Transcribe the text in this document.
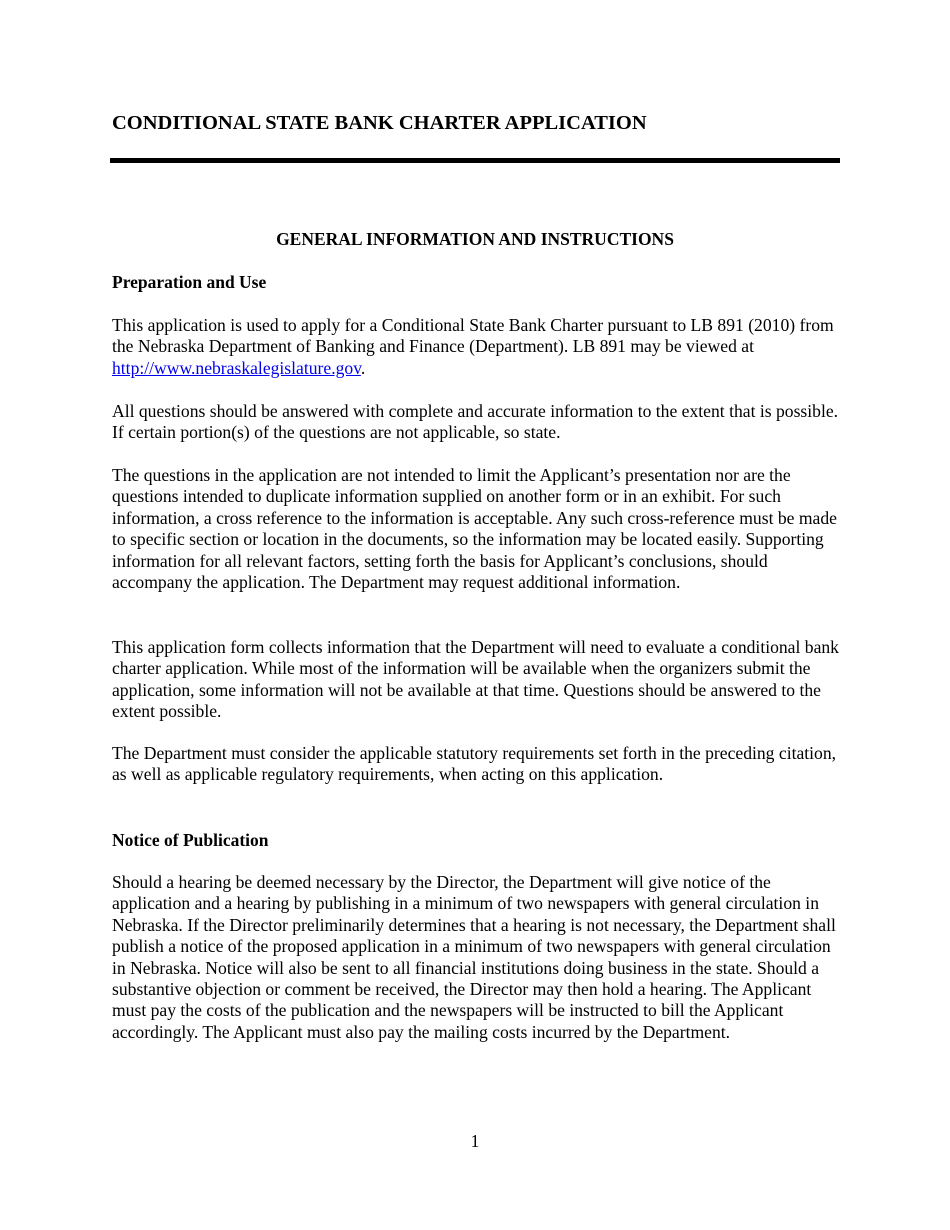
CONDITIONAL STATE BANK CHARTER APPLICATION
GENERAL INFORMATION AND INSTRUCTIONS
Preparation and Use

This application is used to apply for a Conditional State Bank Charter pursuant to LB 891 (2010) from the Nebraska Department of Banking and Finance (Department). LB 891 may be viewed at http://www.nebraskalegislature.gov.

All questions should be answered with complete and accurate information to the extent that is possible. If certain portion(s) of the questions are not applicable, so state.

The questions in the application are not intended to limit the Applicant’s presentation nor are the questions intended to duplicate information supplied on another form or in an exhibit. For such information, a cross reference to the information is acceptable. Any such cross-reference must be made to specific section or location in the documents, so the information may be located easily. Supporting information for all relevant factors, setting forth the basis for Applicant’s conclusions, should accompany the application. The Department may request additional information.

This application form collects information that the Department will need to evaluate a conditional bank charter application. While most of the information will be available when the organizers submit the application, some information will not be available at that time. Questions should be answered to the extent possible.

The Department must consider the applicable statutory requirements set forth in the preceding citation, as well as applicable regulatory requirements, when acting on this application.

Notice of Publication

Should a hearing be deemed necessary by the Director, the Department will give notice of the application and a hearing by publishing in a minimum of two newspapers with general circulation in Nebraska. If the Director preliminarily determines that a hearing is not necessary, the Department shall publish a notice of the proposed application in a minimum of two newspapers with general circulation in Nebraska. Notice will also be sent to all financial institutions doing business in the state. Should a substantive objection or comment be received, the Director may then hold a hearing. The Applicant must pay the costs of the publication and the newspapers will be instructed to bill the Applicant accordingly. The Applicant must also pay the mailing costs incurred by the Department.

1
